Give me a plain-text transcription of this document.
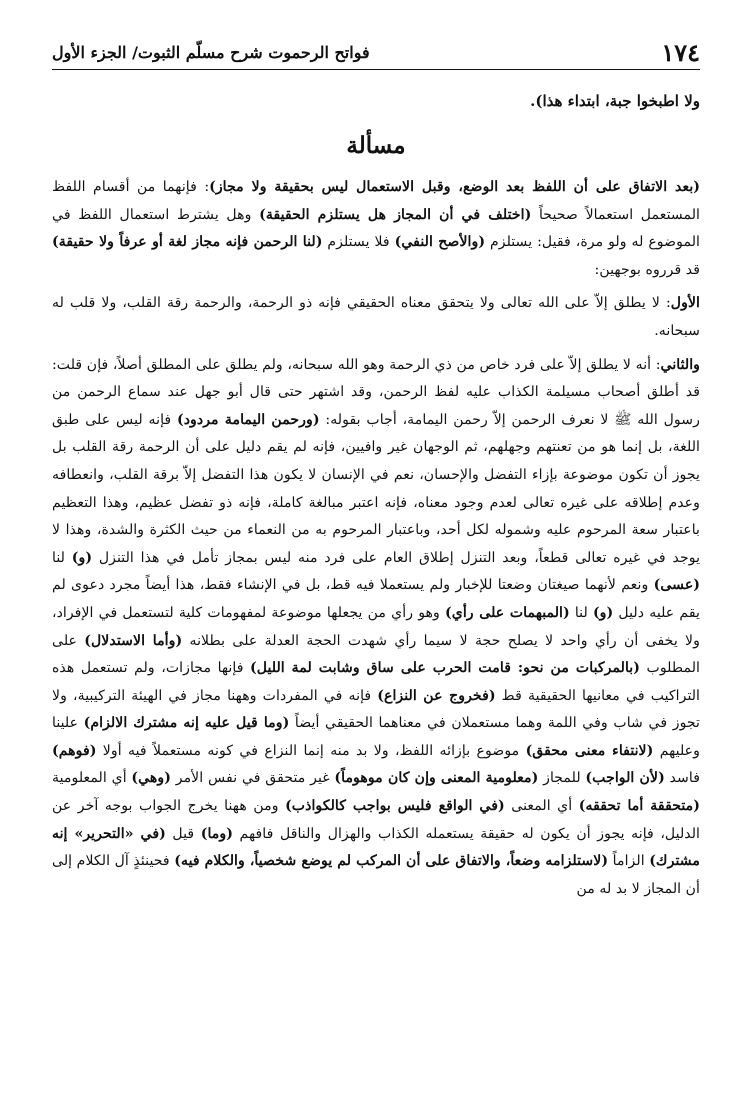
١٧٤
فواتح الرحموت شرح مسلّم الثبوت/ الجزء الأول
ولا اطبخوا جبة، ابتداء هذا).
مسألة

(بعد الاتفاق على أن اللفظ بعد الوضع، وقبل الاستعمال ليس بحقيقة ولا مجاز): فإنهما من أقسام اللفظ المستعمل استعمالاً صحيحاً (اختلف في أن المجاز هل يستلزم الحقيقة) وهل يشترط استعمال اللفظ في الموضوع له ولو مرة، فقيل: يستلزم (والأصح النفي) فلا يستلزم (لنا الرحمن فإنه مجاز لغة أو عرفاً ولا حقيقة) قد قرروه بوجهين:

الأول: لا يطلق إلاّ على الله تعالى ولا يتحقق معناه الحقيقي فإنه ذو الرحمة، والرحمة رقة القلب، ولا قلب له سبحانه.

والثاني: أنه لا يطلق إلاّ على فرد خاص من ذي الرحمة وهو الله سبحانه، ولم يطلق على المطلق أصلاً، فإن قلت: قد أطلق أصحاب مسيلمة الكذاب عليه لفظ الرحمن، وقد اشتهر حتى قال أبو جهل عند سماع الرحمن من رسول الله ﷺ لا نعرف الرحمن إلاّ رحمن اليمامة، أجاب بقوله: (ورحمن اليمامة مردود) فإنه ليس على طبق اللغة، بل إنما هو من تعنتهم وجهلهم، ثم الوجهان غير وافيين، فإنه لم يقم دليل على أن الرحمة رقة القلب بل يجوز أن تكون موضوعة بإزاء التفضل والإحسان، نعم في الإنسان لا يكون هذا التفضل إلاّ برقة القلب، وانعطافه وعدم إطلاقه على غيره تعالى لعدم وجود معناه، فإنه اعتبر مبالغة كاملة، فإنه ذو تفضل عظيم، وهذا التعظيم باعتبار سعة المرحوم عليه وشموله لكل أحد، وباعتبار المرحوم به من النعماء من حيث الكثرة والشدة، وهذا لا يوجد في غيره تعالى قطعاً، وبعد التنزل إطلاق العام على فرد منه ليس بمجاز تأمل في هذا التنزل (و) لنا (عسى) ونعم لأنهما صيغتان وضعتا للإخبار ولم يستعملا فيه قط، بل في الإنشاء فقط، هذا أيضاً مجرد دعوى لم يقم عليه دليل (و) لنا (المبهمات على رأي) وهو رأي من يجعلها موضوعة لمفهومات كلية لتستعمل في الإفراد، ولا يخفى أن رأي واحد لا يصلح حجة لا سيما رأي شهدت الحجة العدلة على بطلانه (وأما الاستدلال) على المطلوب (بالمركبات من نحو: قامت الحرب على ساق وشابت لمة الليل) فإنها مجازات، ولم تستعمل هذه التراكيب في معانيها الحقيقية قط (فخروج عن النزاع) فإنه في المفردات وههنا مجاز في الهيئة التركيبية، ولا تجوز في شاب وفي اللمة وهما مستعملان في معناهما الحقيقي أيضاً (وما قيل عليه إنه مشترك الالزام) علينا وعليهم (لانتفاء معنى محقق) موضوع بإزائه اللفظ، ولا بد منه إنما النزاع في كونه مستعملاً فيه أولا (فوهم) فاسد (لأن الواجب) للمجاز (معلومية المعنى وإن كان موهوماً) غير متحقق في نفس الأمر (وهي) أي المعلومية (متحققة أما تحققه) أي المعنى (في الواقع فليس بواجب كالكواذب) ومن ههنا يخرج الجواب بوجه آخر عن الدليل، فإنه يجوز أن يكون له حقيقة يستعمله الكذاب والهزال والناقل فافهم (وما) قيل (في «التحرير» إنه مشترك) الزاماً (لاستلزامه وضعاً، والاتفاق على أن المركب لم يوضع شخصياً، والكلام فيه) فحينئذٍ آل الكلام إلى أن المجاز لا بد له من
